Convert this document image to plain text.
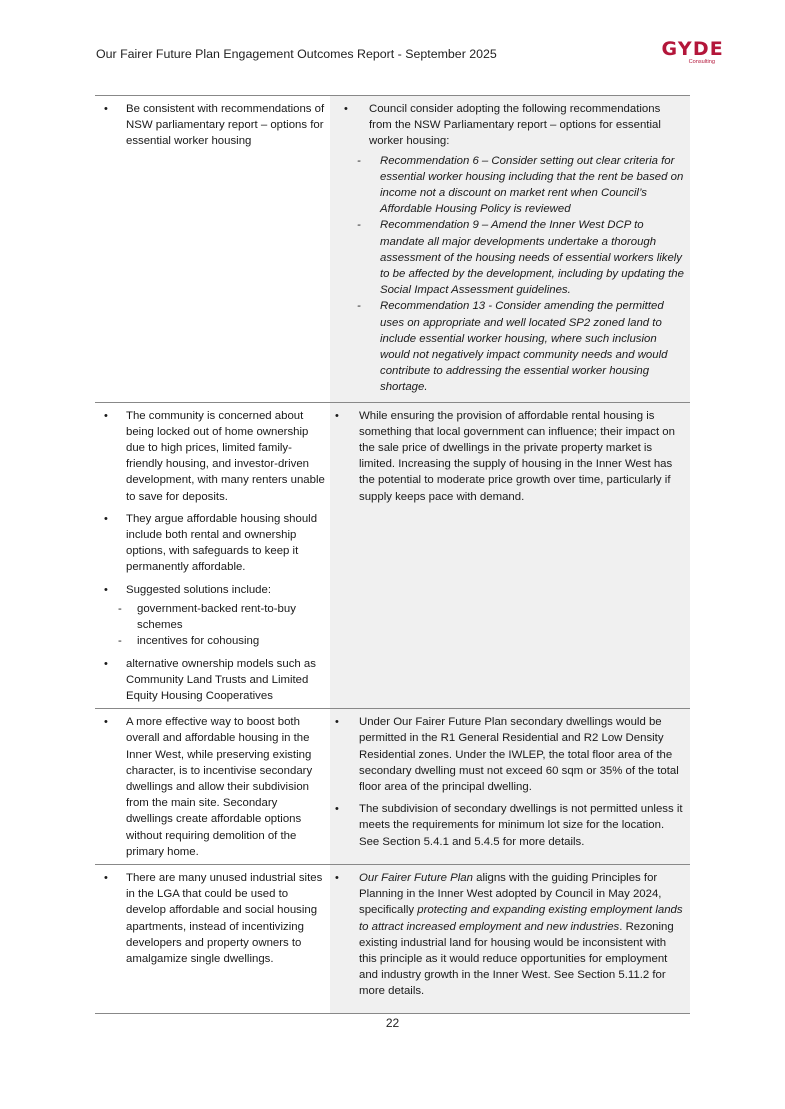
Our Fairer Future Plan Engagement Outcomes Report - September 2025	GYDE
Consulting
• Be consistent with recommendations of NSW parliamentary report – options for essential worker housing
• Council consider adopting the following recommendations from the NSW Parliamentary report – options for essential worker housing:
- Recommendation 6 – Consider setting out clear criteria for essential worker housing including that the rent be based on income not a discount on market rent when Council’s Affordable Housing Policy is reviewed
- Recommendation 9 – Amend the Inner West DCP to mandate all major developments undertake a thorough assessment of the housing needs of essential workers likely to be affected by the development, including by updating the Social Impact Assessment guidelines.
- Recommendation 13 - Consider amending the permitted uses on appropriate and well located SP2 zoned land to include essential worker housing, where such inclusion would not negatively impact community needs and would contribute to addressing the essential worker housing shortage.
• The community is concerned about being locked out of home ownership due to high prices, limited family-friendly housing, and investor-driven development, with many renters unable to save for deposits.
• They argue affordable housing should include both rental and ownership options, with safeguards to keep it permanently affordable.
• Suggested solutions include:
- government-backed rent-to-buy schemes
- incentives for cohousing
• alternative ownership models such as Community Land Trusts and Limited Equity Housing Cooperatives
• While ensuring the provision of affordable rental housing is something that local government can influence; their impact on the sale price of dwellings in the private property market is limited. Increasing the supply of housing in the Inner West has the potential to moderate price growth over time, particularly if supply keeps pace with demand.
• A more effective way to boost both overall and affordable housing in the Inner West, while preserving existing character, is to incentivise secondary dwellings and allow their subdivision from the main site. Secondary dwellings create affordable options without requiring demolition of the primary home.
• Under Our Fairer Future Plan secondary dwellings would be permitted in the R1 General Residential and R2 Low Density Residential zones. Under the IWLEP, the total floor area of the secondary dwelling must not exceed 60 sqm or 35% of the total floor area of the principal dwelling.
• The subdivision of secondary dwellings is not permitted unless it meets the requirements for minimum lot size for the location. See Section 5.4.1 and 5.4.5 for more details.
• There are many unused industrial sites in the LGA that could be used to develop affordable and social housing apartments, instead of incentivizing developers and property owners to amalgamize single dwellings.
• Our Fairer Future Plan aligns with the guiding Principles for Planning in the Inner West adopted by Council in May 2024, specifically protecting and expanding existing employment lands to attract increased employment and new industries. Rezoning existing industrial land for housing would be inconsistent with this principle as it would reduce opportunities for employment and industry growth in the Inner West. See Section 5.11.2 for more details.
22
